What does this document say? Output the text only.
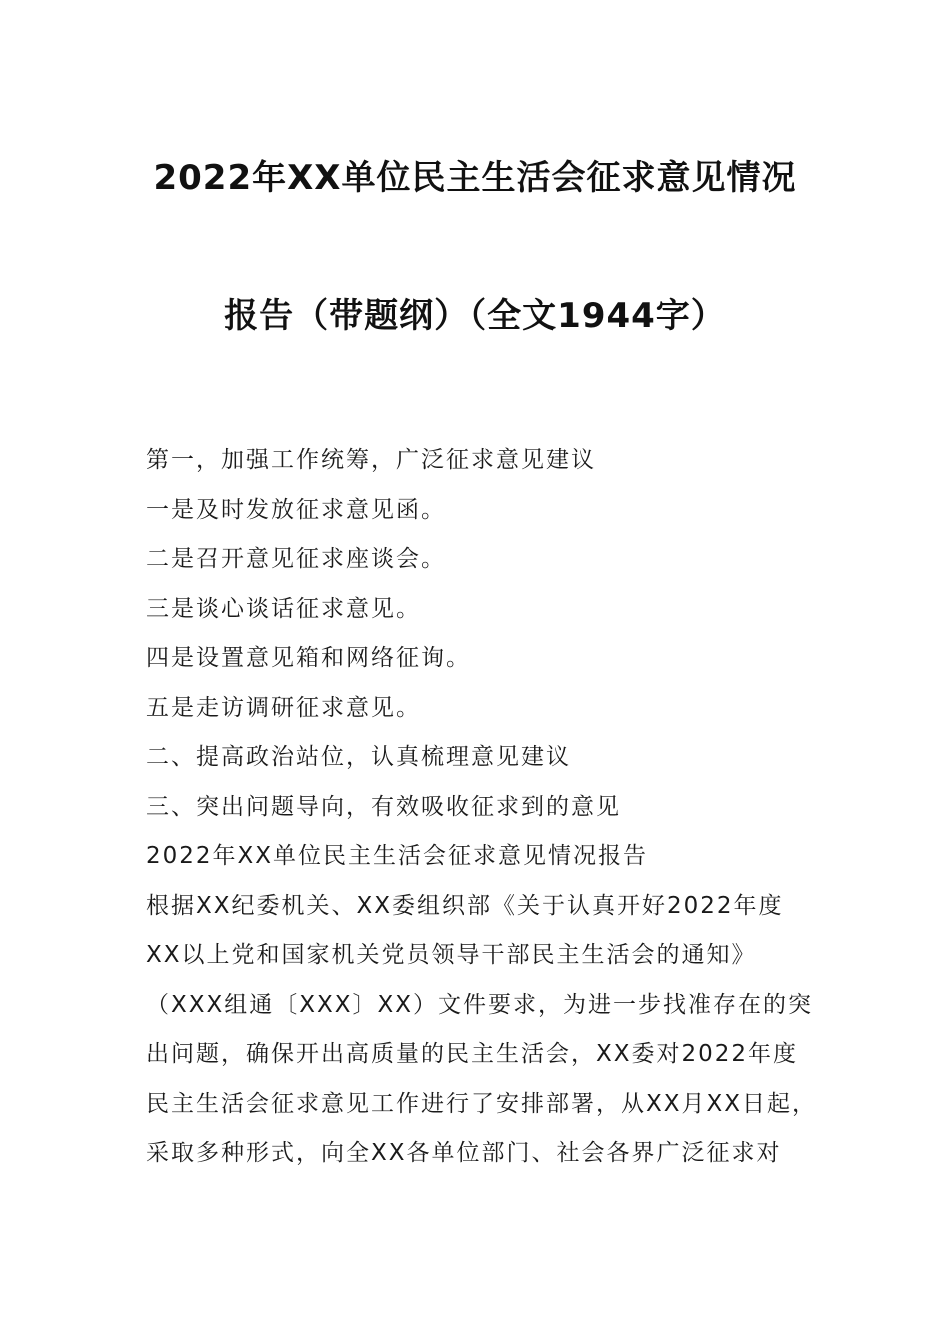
2022年XX单位民主生活会征求意见情况
报告（带题纲）（全文1944字）

第一，加强工作统筹，广泛征求意见建议

一是及时发放征求意见函。

二是召开意见征求座谈会。

三是谈心谈话征求意见。

四是设置意见箱和网络征询。

五是走访调研征求意见。

二、提高政治站位，认真梳理意见建议

三、突出问题导向，有效吸收征求到的意见

2022年XX单位民主生活会征求意见情况报告

根据XX纪委机关、XX委组织部《关于认真开好2022年度

XX以上党和国家机关党员领导干部民主生活会的通知》

（XXX组通〔XXX〕XX）文件要求，为进一步找准存在的突

出问题，确保开出高质量的民主生活会，XX委对2022年度

民主生活会征求意见工作进行了安排部署，从XX月XX日起，

采取多种形式，向全XX各单位部门、社会各界广泛征求对
